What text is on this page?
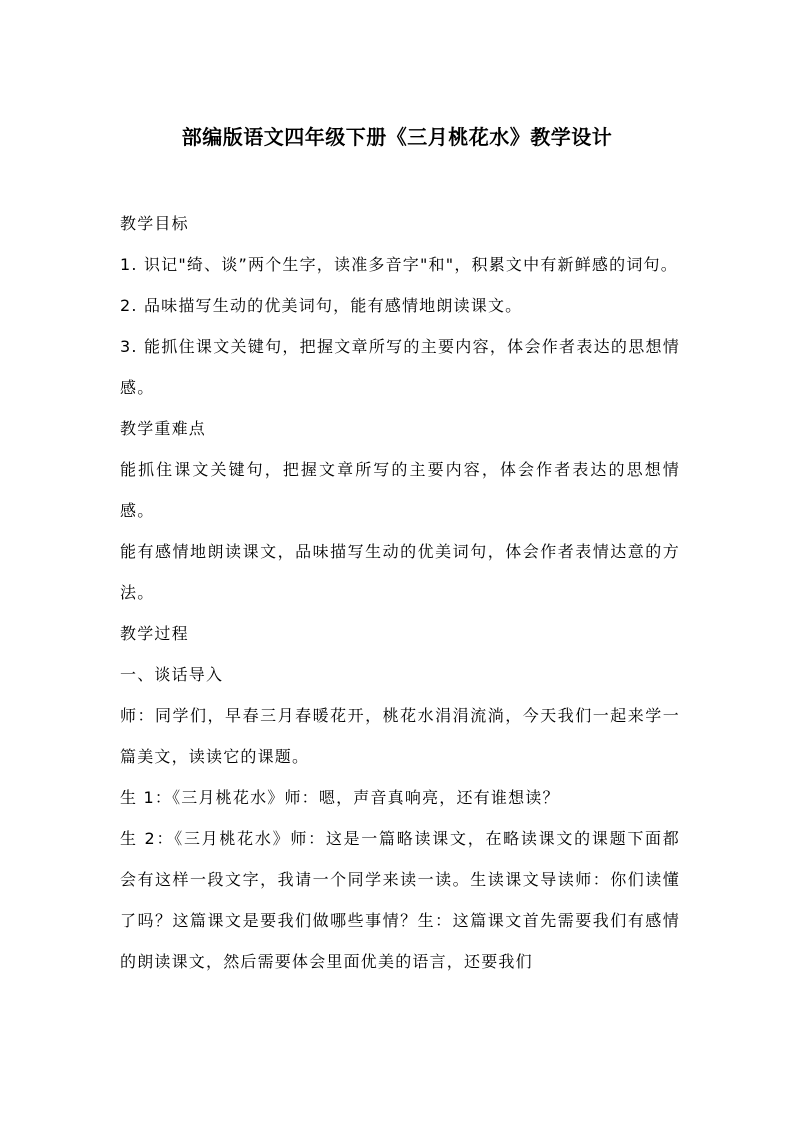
部编版语文四年级下册《三月桃花水》教学设计

教学目标

1. 识记"绮、谈”两个生字，读准多音字"和"，积累文中有新鲜感的词句。

2. 品味描写生动的优美词句，能有感情地朗读课文。

3. 能抓住课文关键句，把握文章所写的主要内容，体会作者表达的思想情感。

教学重难点

能抓住课文关键句，把握文章所写的主要内容，体会作者表达的思想情感。

能有感情地朗读课文，品味描写生动的优美词句，体会作者表情达意的方法。

教学过程

一、谈话导入

师：同学们，早春三月春暖花开，桃花水涓涓流淌，今天我们一起来学一篇美文，读读它的课题。

生 1：《三月桃花水》师：嗯，声音真响亮，还有谁想读？

生 2：《三月桃花水》师：这是一篇略读课文，在略读课文的课题下面都会有这样一段文字，我请一个同学来读一读。生读课文导读师：你们读懂了吗？这篇课文是要我们做哪些事情？生：这篇课文首先需要我们有感情的朗读课文，然后需要体会里面优美的语言，还要我们
